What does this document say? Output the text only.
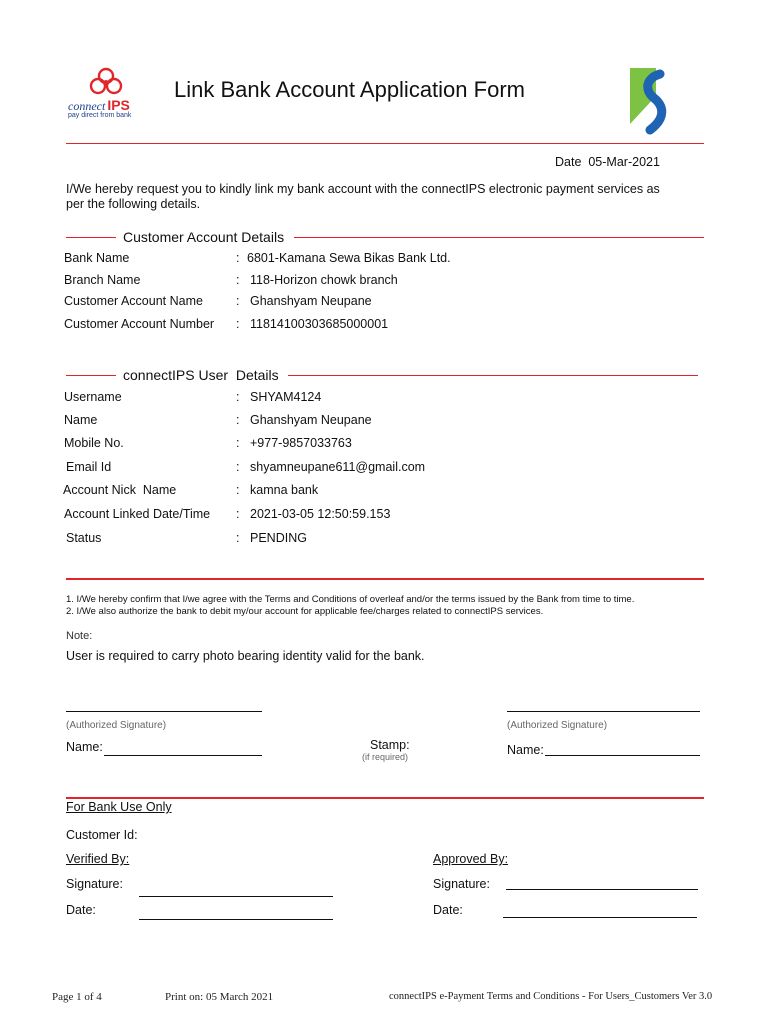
connect IPS
pay direct from bank
Link Bank Account Application Form
Date 05-Mar-2021
I/We hereby request you to kindly link my bank account with the connectIPS electronic payment services as
per the following details.
Customer Account Details
Bank Name	: 6801-Kamana Sewa Bikas Bank Ltd.
Branch Name	: 118-Horizon chowk branch
Customer Account Name	: Ghanshyam Neupane
Customer Account Number : 11814100303685000001
connectIPS User  Details
Username	: SHYAM4124
Name	: Ghanshyam Neupane
Mobile No.	: +977-9857033763
Email Id	: shyamneupane611@gmail.com
Account Nick  Name	: kamna bank
Account Linked Date/Time : 2021-03-05 12:50:59.153
Status	: PENDING
1. I/We hereby confirm that I/we agree with the Terms and Conditions of overleaf and/or the terms issued by the Bank from time to time.
2. I/We also authorize the bank to debit my/our account for applicable fee/charges related to connectIPS services.
Note:
User is required to carry photo bearing identity valid for the bank.
(Authorized Signature)
Name:	Stamp:
(if required)
(Authorized Signature)
Name:
For Bank Use Only
Customer Id:
Verified By:	Approved By:
Signature:	Signature:
Date:	Date:
Page 1 of 4	Print on: 05 March 2021	connectIPS e-Payment Terms and Conditions - For Users_Customers Ver 3.0
